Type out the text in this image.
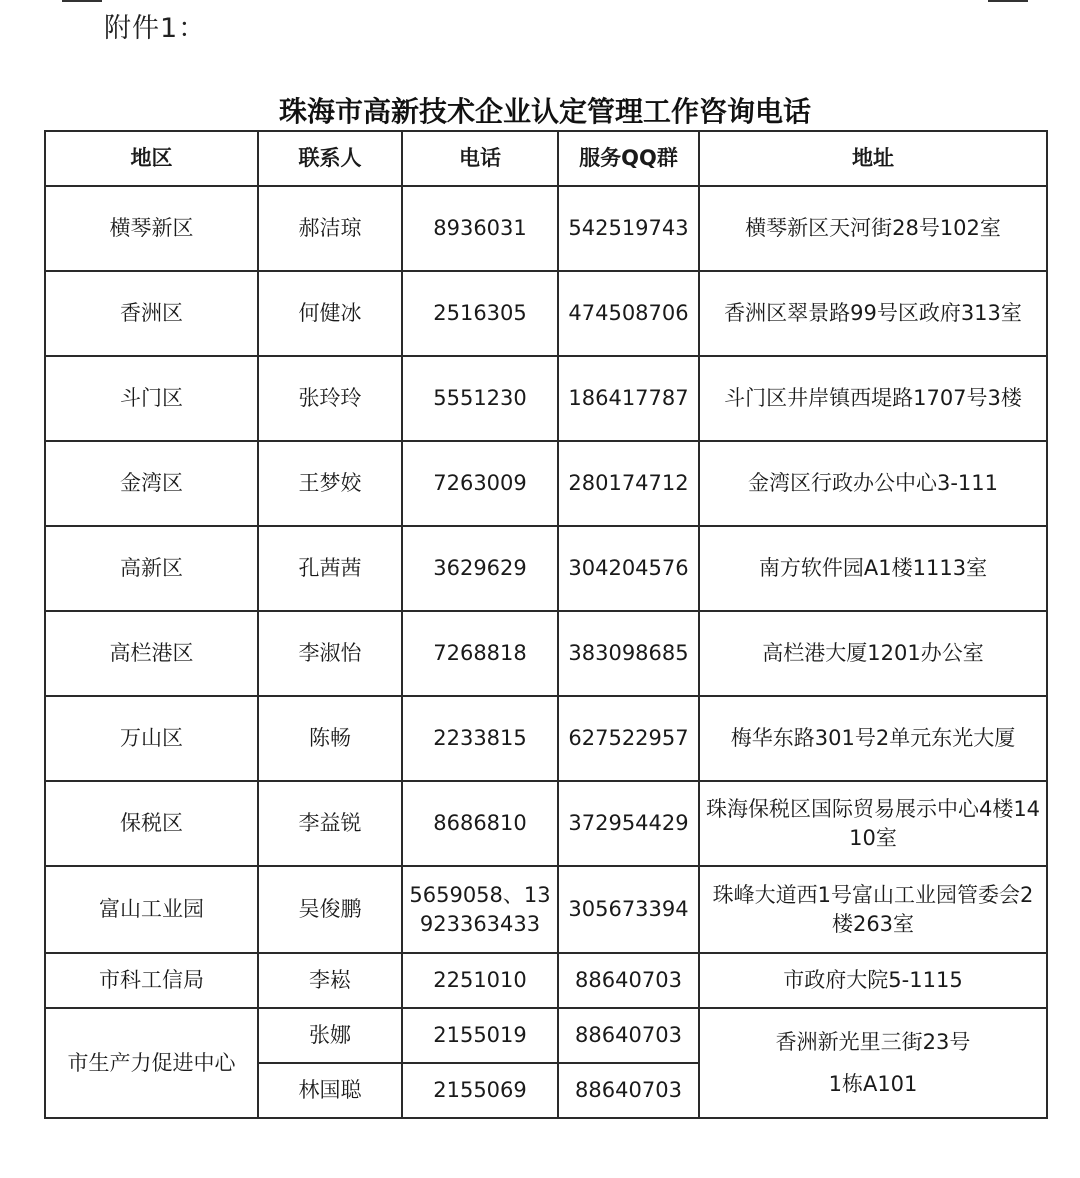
附件1：
珠海市高新技术企业认定管理工作咨询电话
地区	联系人	电话	服务QQ群	地址
横琴新区	郝洁琼	8936031	542519743	横琴新区天河街28号102室
香洲区	何健冰	2516305	474508706	香洲区翠景路99号区政府313室
斗门区	张玲玲	5551230	186417787	斗门区井岸镇西堤路1707号3楼
金湾区	王梦姣	7263009	280174712	金湾区行政办公中心3-111
高新区	孔茜茜	3629629	304204576	南方软件园A1楼1113室
高栏港区	李淑怡	7268818	383098685	高栏港大厦1201办公室
万山区	陈畅	2233815	627522957	梅华东路301号2单元东光大厦
保税区	李益锐	8686810	372954429	珠海保税区国际贸易展示中心4楼1410室
富山工业园	吴俊鹏	5659058、13923363433	305673394	珠峰大道西1号富山工业园管委会2楼263室
市科工信局	李崧	2251010	88640703	市政府大院5-1115
市生产力促进中心	张娜	2155019	88640703	香洲新光里三街23号1栋A101
	林国聪	2155069	88640703	
